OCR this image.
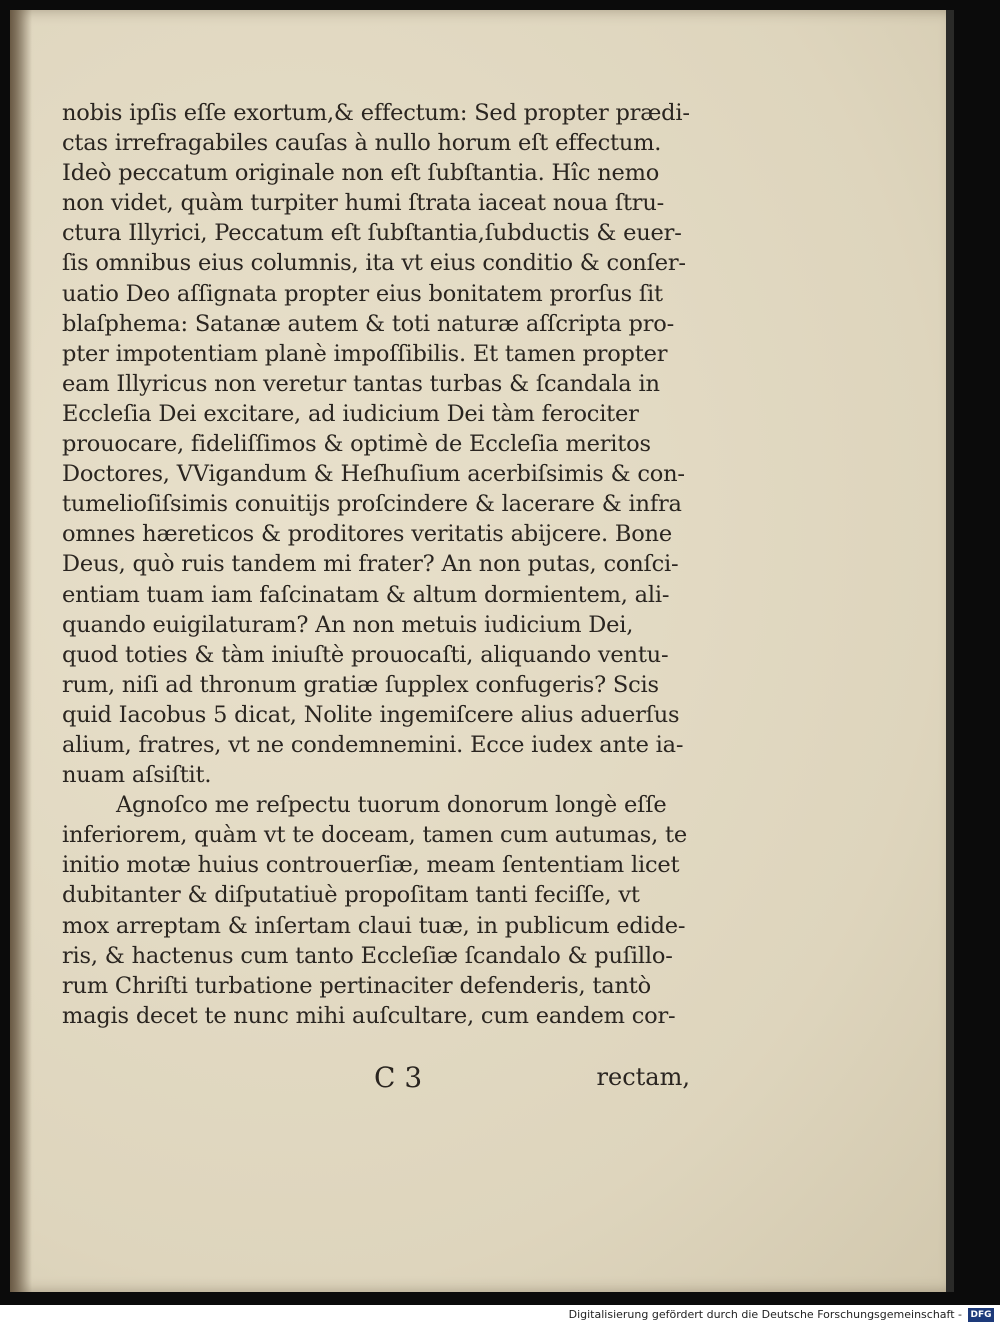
nobis ipſis eſſe exortum,& effectum: Sed propter prædi-
ctas irrefragabiles cauſas à nullo horum eſt effectum.
Ideò peccatum originale non eſt ſubſtantia. Hîc nemo
non videt, quàm turpiter humi ſtrata iaceat noua ſtru-
ctura Illyrici, Peccatum eſt ſubſtantia,ſubductis & euer-
ſis omnibus eius columnis, ita vt eius conditio & conſer-
uatio Deo aſſignata propter eius bonitatem prorſus ſit
blaſphema: Satanæ autem & toti naturæ aſſcripta pro-
pter impotentiam planè impoſſibilis. Et tamen propter
eam Illyricus non veretur tantas turbas & ſcandala in
Eccleſia Dei excitare, ad iudicium Dei tàm ferociter
prouocare, fideliſſimos & optimè de Eccleſia meritos
Doctores, VVigandum & Heſhuſium acerbiſsimis & con-
tumelioſiſsimis conuitijs proſcindere & lacerare & infra
omnes hæreticos & proditores veritatis abijcere. Bone
Deus, quò ruis tandem mi frater? An non putas, conſci-
entiam tuam iam faſcinatam & altum dormientem, ali-
quando euigilaturam? An non metuis iudicium Dei,
quod toties & tàm iniuſtè prouocaſti, aliquando ventu-
rum, niſi ad thronum gratiæ ſupplex confugeris? Scis
quid Iacobus 5 dicat, Nolite ingemiſcere alius aduerſus
alium, fratres, vt ne condemnemini. Ecce iudex ante ia-
nuam aſsiſtit.
Agnoſco me reſpectu tuorum donorum longè eſſe
inferiorem, quàm vt te doceam, tamen cum autumas, te
initio motæ huius controuerſiæ, meam ſententiam licet
dubitanter & diſputatiuè propoſitam tanti feciſſe, vt
mox arreptam & inſertam claui tuæ, in publicum edide-
ris, & hactenus cum tanto Eccleſiæ ſcandalo & puſillo-
rum Chriſti turbatione pertinaciter defenderis, tantò
magis decet te nunc mihi auſcultare, cum eandem cor-
C 3	rectam,
Digitalisierung gefördert durch die Deutsche Forschungsgemeinschaft - DFG
